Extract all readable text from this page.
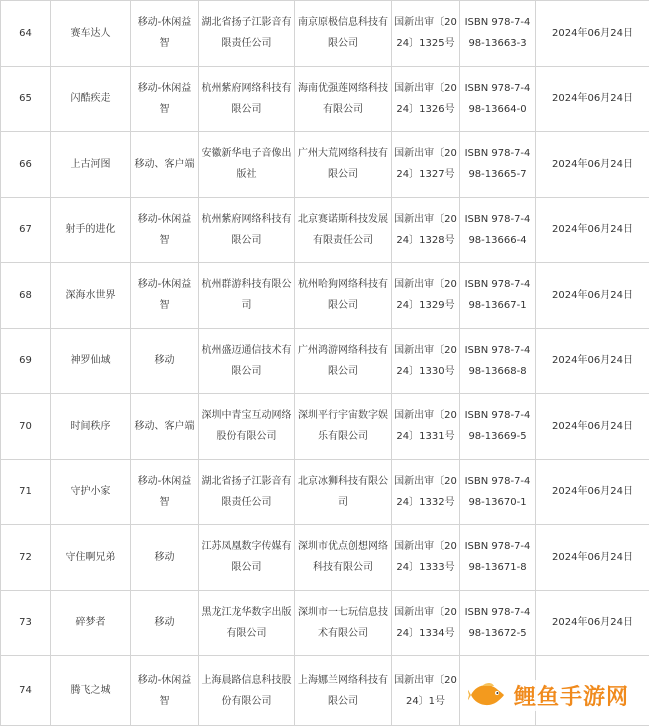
64	赛车达人	移动-休闲益智	湖北省扬子江影音有限责任公司	南京原极信息科技有限公司	国新出审〔2024〕1325号	ISBN 978-7-498-13663-3	2024年06月24日
65	闪酷疾走	移动-休闲益智	杭州紫府网络科技有限公司	海南优强莲网络科技有限公司	国新出审〔2024〕1326号	ISBN 978-7-498-13664-0	2024年06月24日
66	上古河图	移动、客户端	安徽新华电子音像出版社	广州大荒网络科技有限公司	国新出审〔2024〕1327号	ISBN 978-7-498-13665-7	2024年06月24日
67	射手的进化	移动-休闲益智	杭州紫府网络科技有限公司	北京赛诺斯科技发展有限责任公司	国新出审〔2024〕1328号	ISBN 978-7-498-13666-4	2024年06月24日
68	深海水世界	移动-休闲益智	杭州群游科技有限公司	杭州哈狗网络科技有限公司	国新出审〔2024〕1329号	ISBN 978-7-498-13667-1	2024年06月24日
69	神罗仙域	移动	杭州盛迈通信技术有限公司	广州鸿游网络科技有限公司	国新出审〔2024〕1330号	ISBN 978-7-498-13668-8	2024年06月24日
70	时间秩序	移动、客户端	深圳中青宝互动网络股份有限公司	深圳平行宇宙数字娱乐有限公司	国新出审〔2024〕1331号	ISBN 978-7-498-13669-5	2024年06月24日
71	守护小家	移动-休闲益智	湖北省扬子江影音有限责任公司	北京冰狮科技有限公司	国新出审〔2024〕1332号	ISBN 978-7-498-13670-1	2024年06月24日
72	守住啊兄弟	移动	江苏凤凰数字传媒有限公司	深圳市优点创想网络科技有限公司	国新出审〔2024〕1333号	ISBN 978-7-498-13671-8	2024年06月24日
73	碎梦者	移动	黑龙江龙华数字出版有限公司	深圳市一七玩信息技术有限公司	国新出审〔2024〕1334号	ISBN 978-7-498-13672-5	2024年06月24日
74	腾飞之城	移动-休闲益智	上海晨路信息科技股份有限公司	上海娜兰网络科技有限公司	国新出审〔2024〕1号			鲤鱼手游网
